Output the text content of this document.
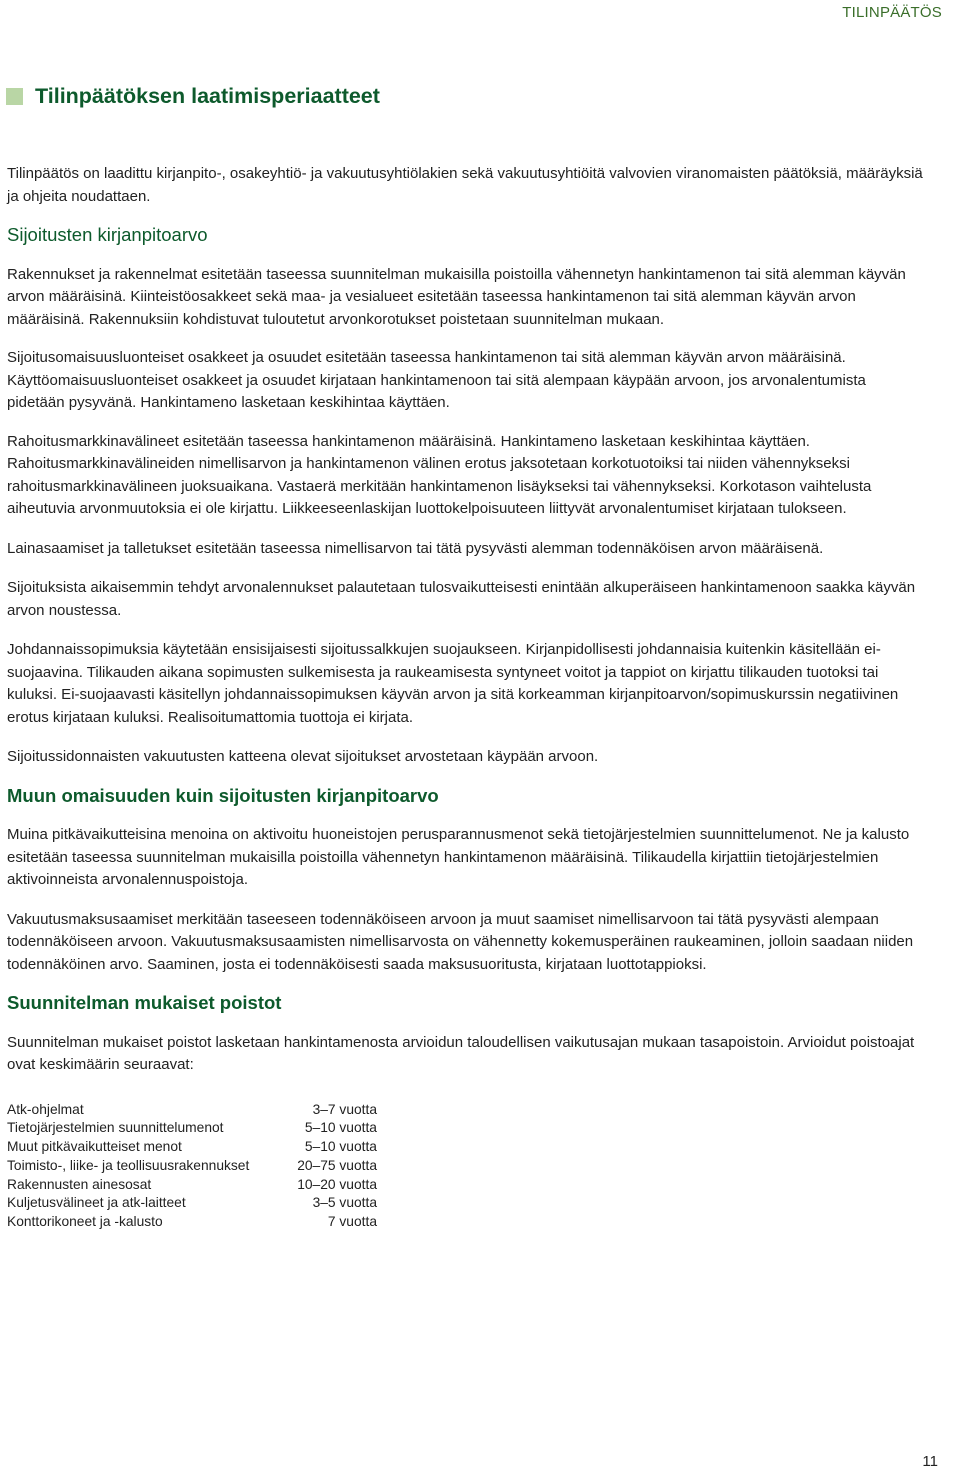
TILINPÄÄTÖS
Tilinpäätöksen laatimisperiaatteet

Tilinpäätös on laadittu kirjanpito-, osakeyhtiö- ja vakuutusyhtiölakien sekä vakuutusyhtiöitä valvovien viranomaisten päätöksiä, määräyksiä ja ohjeita noudattaen.

Sijoitusten kirjanpitoarvo

Rakennukset ja rakennelmat esitetään taseessa suunnitelman mukaisilla poistoilla vähennetyn hankintamenon tai sitä alemman käyvän arvon määräisinä. Kiinteistöosakkeet sekä maa- ja vesialueet esitetään taseessa hankintamenon tai sitä alemman käyvän arvon määräisinä. Rakennuksiin kohdistuvat tuloutetut arvonkorotukset poistetaan suunnitelman mukaan.

Sijoitusomaisuusluonteiset osakkeet ja osuudet esitetään taseessa hankintamenon tai sitä alemman käyvän arvon määräisinä. Käyttöomaisuusluonteiset osakkeet ja osuudet kirjataan hankintamenoon tai sitä alempaan käypään arvoon, jos arvonalentumista pidetään pysyvänä. Hankintameno lasketaan keskihintaa käyttäen.

Rahoitusmarkkinavälineet esitetään taseessa hankintamenon määräisinä. Hankintameno lasketaan keskihintaa käyttäen. Rahoitusmarkkinavälineiden nimellisarvon ja hankintamenon välinen erotus jaksotetaan korkotuotoiksi tai niiden vähennykseksi rahoitusmarkkinavälineen juoksuaikana. Vastaerä merkitään hankintamenon lisäykseksi tai vähennykseksi. Korkotason vaihtelusta aiheutuvia arvonmuutoksia ei ole kirjattu. Liikkeeseenlaskijan luottokelpoisuuteen liittyvät arvonalentumiset kirjataan tulokseen.

Lainasaamiset ja talletukset esitetään taseessa nimellisarvon tai tätä pysyvästi alemman todennäköisen arvon määräisenä.

Sijoituksista aikaisemmin tehdyt arvonalennukset palautetaan tulosvaikutteisesti enintään alkuperäiseen hankintamenoon saakka käyvän arvon noustessa.

Johdannaissopimuksia käytetään ensisijaisesti sijoitussalkkujen suojaukseen. Kirjanpidollisesti johdannaisia kuitenkin käsitellään ei-suojaavina. Tilikauden aikana sopimusten sulkemisesta ja raukeamisesta syntyneet voitot ja tappiot on kirjattu tilikauden tuotoksi tai kuluksi. Ei-suojaavasti käsitellyn johdannaissopimuksen käyvän arvon ja sitä korkeamman kirjanpitoarvon/sopimuskurssin negatiivinen erotus kirjataan kuluksi. Realisoitumattomia tuottoja ei kirjata.

Sijoitussidonnaisten vakuutusten katteena olevat sijoitukset arvostetaan käypään arvoon.

Muun omaisuuden kuin sijoitusten kirjanpitoarvo

Muina pitkävaikutteisina menoina on aktivoitu huoneistojen perusparannusmenot sekä tietojärjestelmien suunnittelumenot. Ne ja kalusto esitetään taseessa suunnitelman mukaisilla poistoilla vähennetyn hankintamenon määräisinä. Tilikaudella kirjattiin tietojärjestelmien aktivoinneista arvonalennuspoistoja.

Vakuutusmaksusaamiset merkitään taseeseen todennäköiseen arvoon ja muut saamiset nimellisarvoon tai tätä pysyvästi alempaan todennäköiseen arvoon. Vakuutusmaksusaamisten nimellisarvosta on vähennetty kokemusperäinen raukeaminen, jolloin saadaan niiden todennäköinen arvo. Saaminen, josta ei todennäköisesti saada maksusuoritusta, kirjataan luottotappioksi.

Suunnitelman mukaiset poistot

Suunnitelman mukaiset poistot lasketaan hankintamenosta arvioidun taloudellisen vaikutusajan mukaan tasapoistoin. Arvioidut poistoajat ovat keskimäärin seuraavat:

Atk-ohjelmat	3–7 vuotta
Tietojärjestelmien suunnittelumenot	5–10 vuotta
Muut pitkävaikutteiset menot	5–10 vuotta
Toimisto-, liike- ja teollisuusrakennukset	20–75 vuotta
Rakennusten ainesosat	10–20 vuotta
Kuljetusvälineet ja atk-laitteet	3–5 vuotta
Konttorikoneet ja -kalusto	7 vuotta
11
